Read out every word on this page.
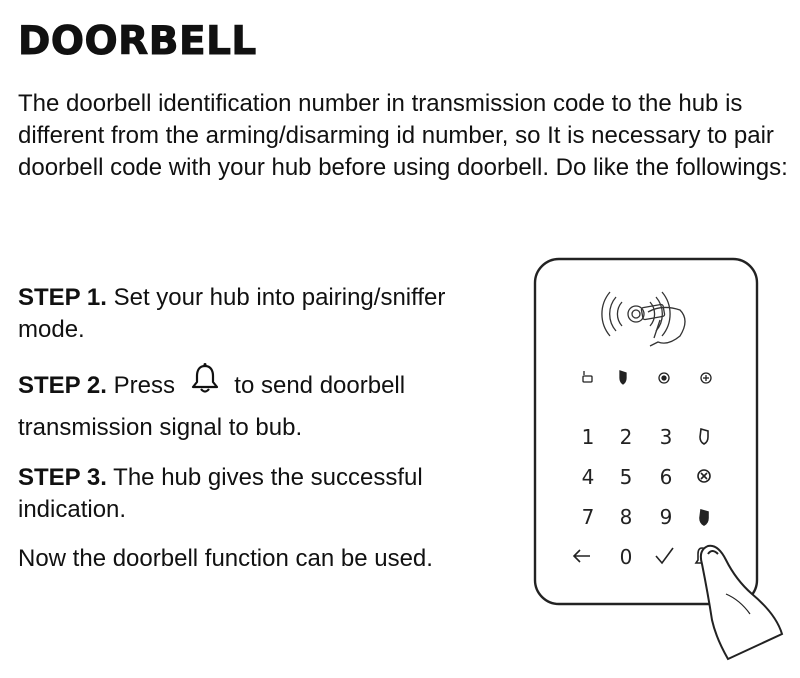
DOORBELL

The doorbell identification number in transmission code to the hub is different from the arming/disarming id number, so It is necessary to pair doorbell code with your hub before using doorbell. Do like the followings:

STEP 1. Set your hub into pairing/sniffer mode.
STEP 2. Press to send doorbell
transmission signal to bub.
STEP 3. The hub gives the successful indication.
Now the doorbell function can be used.
1	2	3
4	5	6
7	8	9
0
